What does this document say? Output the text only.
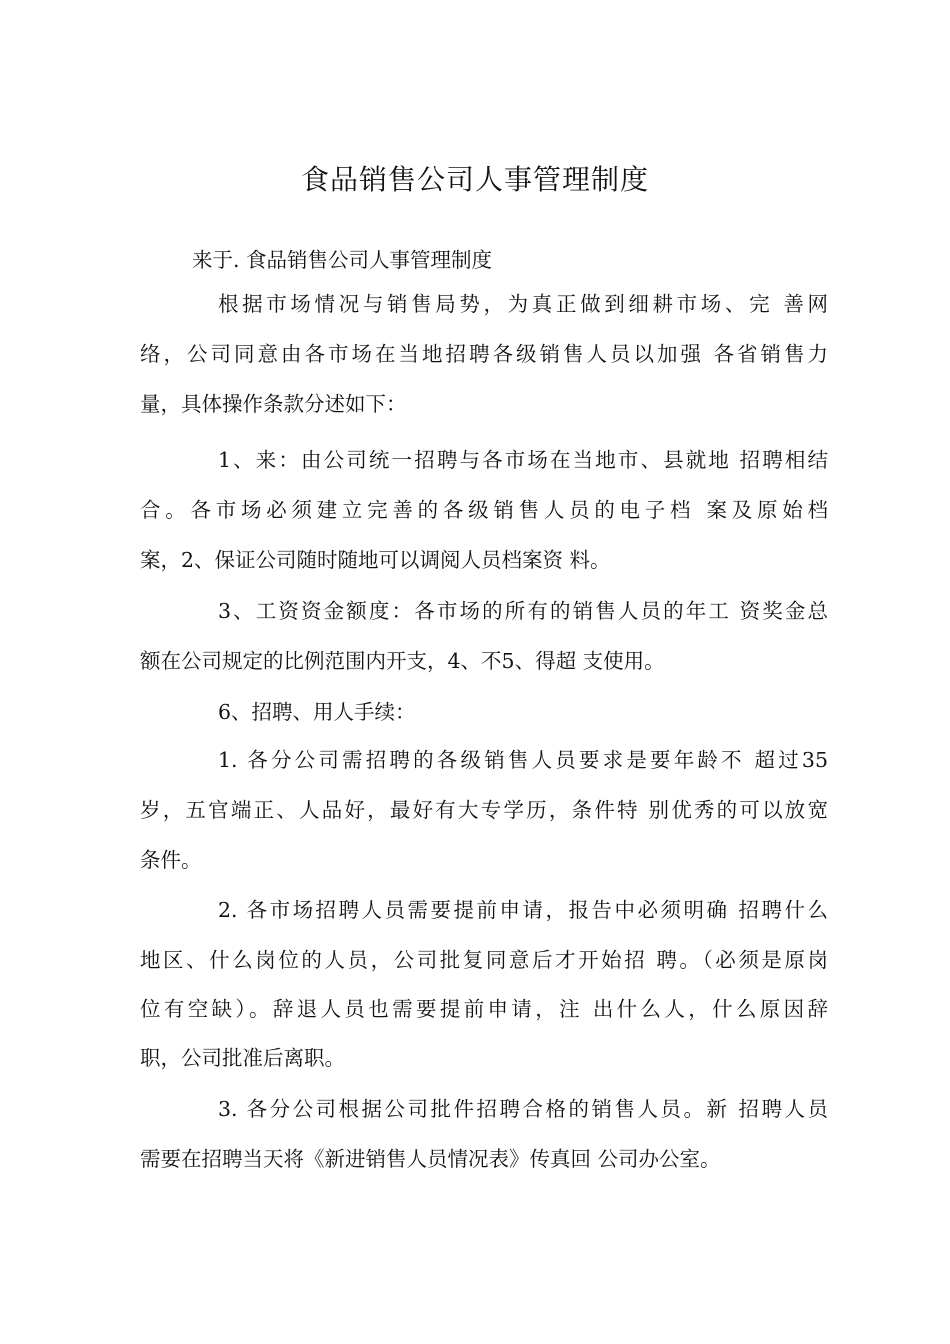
食品销售公司人事管理制度
来于. 食品销售公司人事管理制度
根据市场情况与销售局势，为真正做到细耕市场、完 善网
络，公司同意由各市场在当地招聘各级销售人员以加强 各省销售力
量，具体操作条款分述如下：
1、来：由公司统一招聘与各市场在当地市、县就地 招聘相结
合。各市场必须建立完善的各级销售人员的电子档 案及原始档
案，2、保证公司随时随地可以调阅人员档案资 料。
3、工资资金额度：各市场的所有的销售人员的年工 资奖金总
额在公司规定的比例范围内开支，4、不5、得超 支使用。
6、招聘、用人手续：
1. 各分公司需招聘的各级销售人员要求是要年龄不 超过35
岁，五官端正、人品好，最好有大专学历，条件特 别优秀的可以放宽
条件。
2. 各市场招聘人员需要提前申请，报告中必须明确 招聘什么
地区、什么岗位的人员，公司批复同意后才开始招 聘。（必须是原岗
位有空缺）。辞退人员也需要提前申请，注 出什么人，什么原因辞
职，公司批准后离职。
3. 各分公司根据公司批件招聘合格的销售人员。新 招聘人员
需要在招聘当天将《新进销售人员情况表》传真回 公司办公室。
